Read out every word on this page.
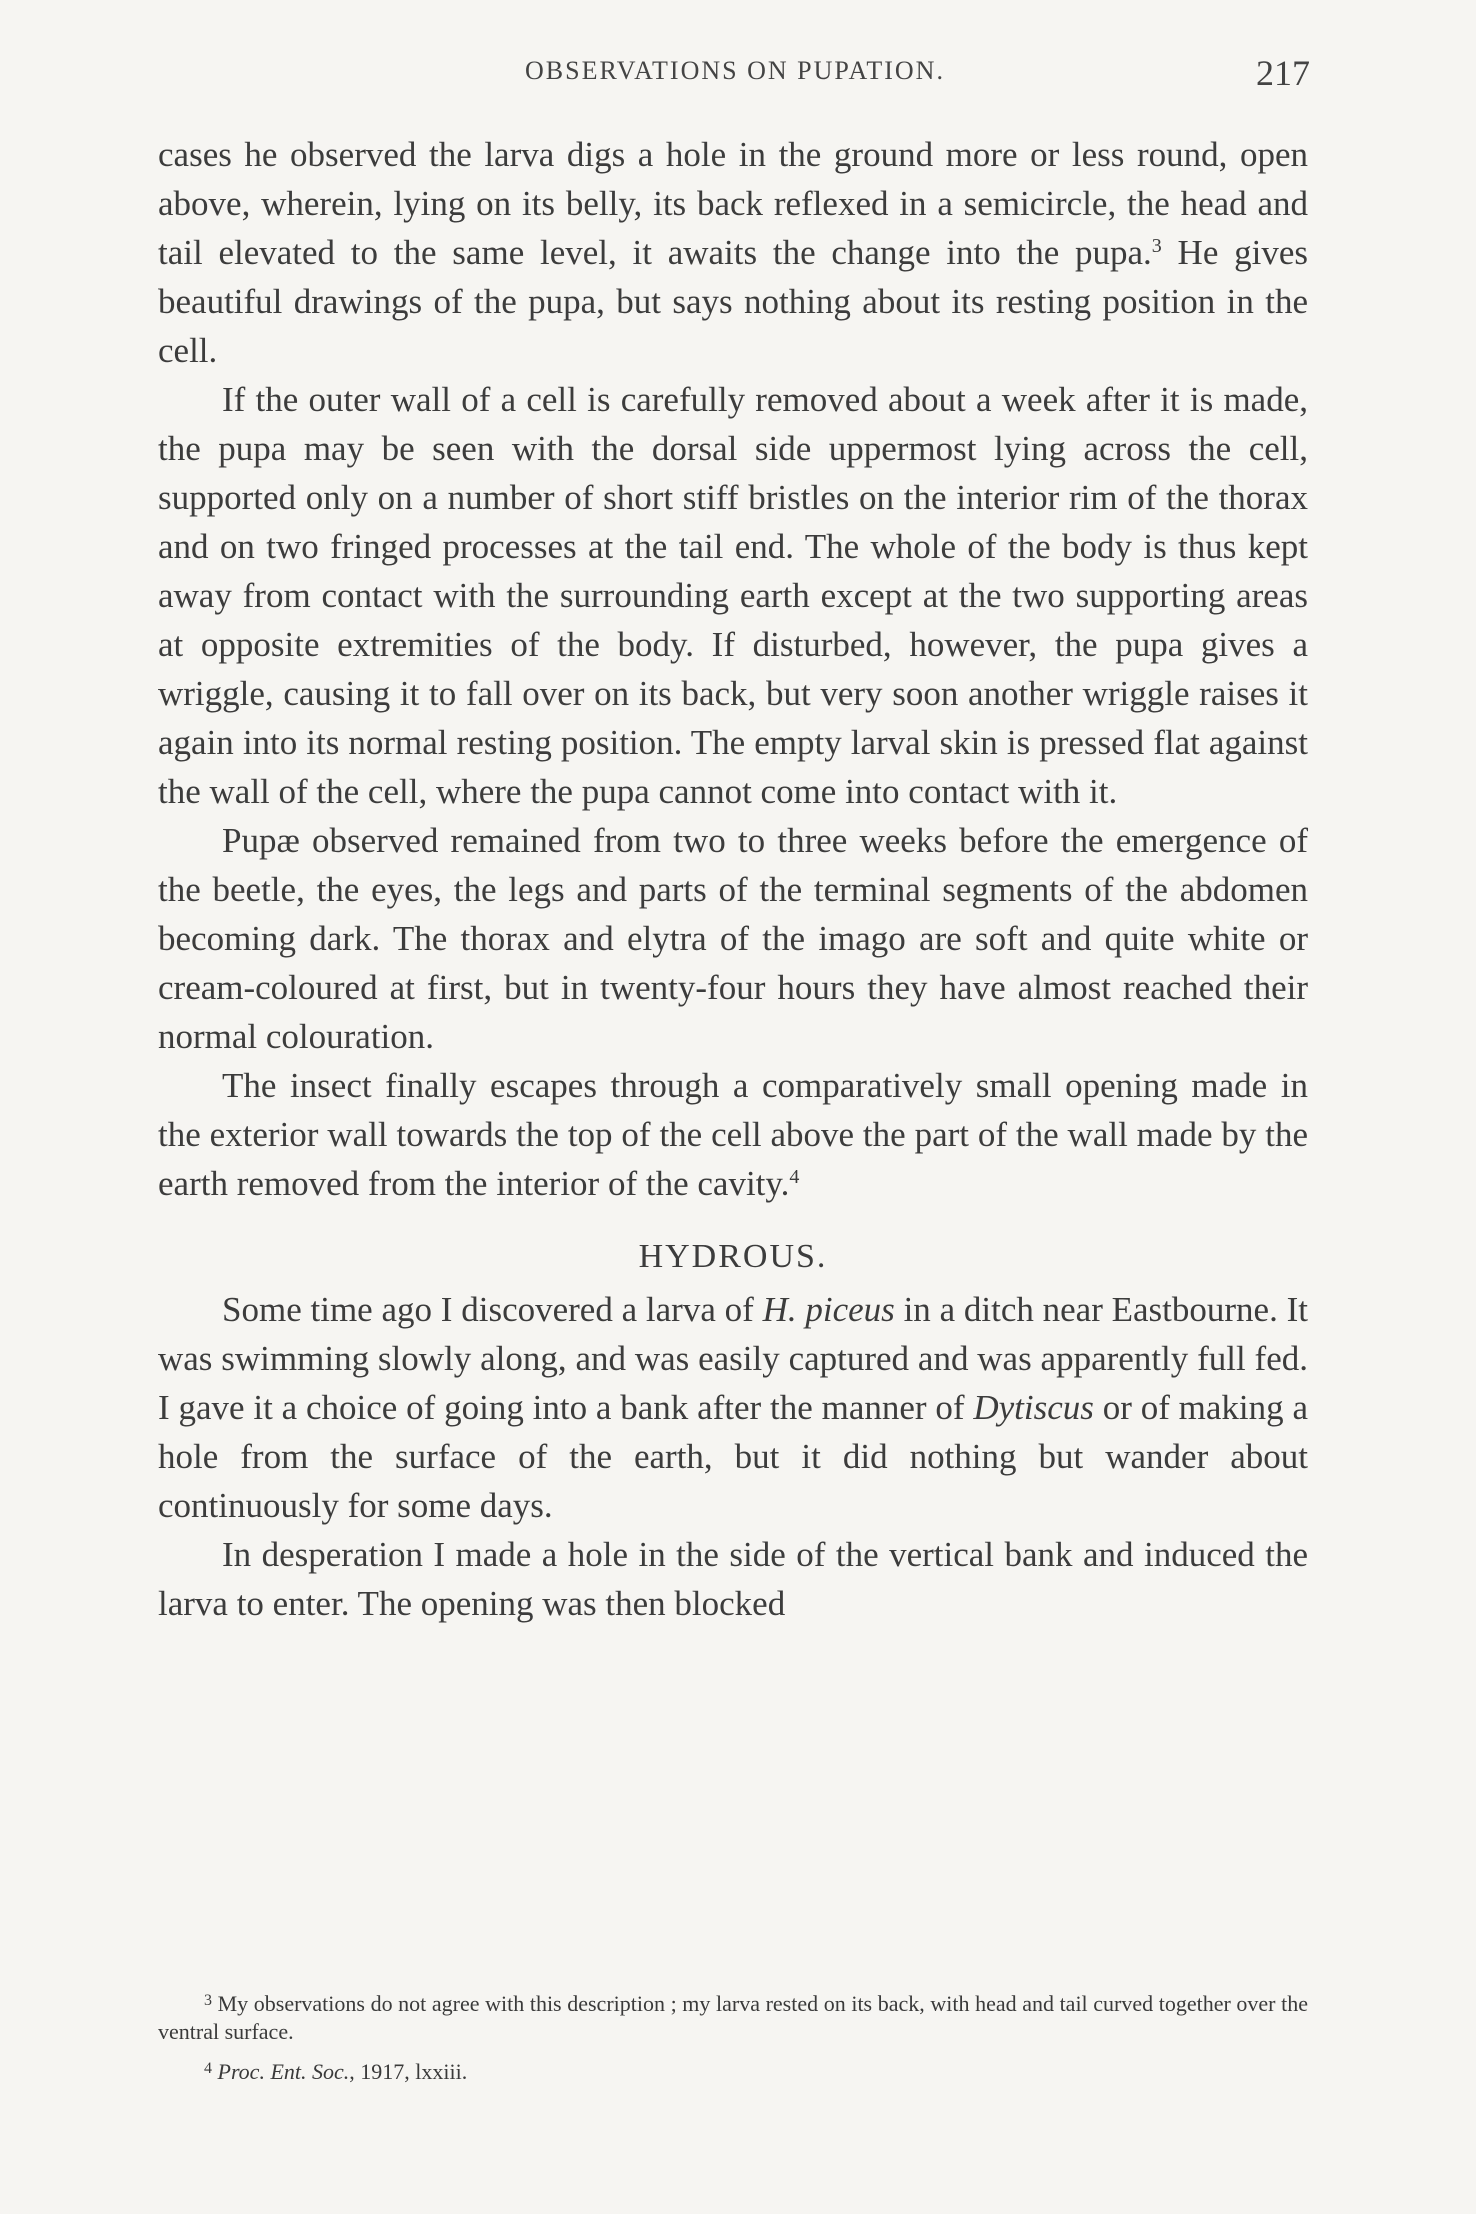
OBSERVATIONS ON PUPATION.	217

cases he observed the larva digs a hole in the ground more or less round, open above, wherein, lying on its belly, its back reflexed in a semicircle, the head and tail elevated to the same level, it awaits the change into the pupa.$^3$ He gives beautiful drawings of the pupa, but says nothing about its resting position in the cell.

If the outer wall of a cell is carefully removed about a week after it is made, the pupa may be seen with the dorsal side uppermost lying across the cell, supported only on a number of short stiff bristles on the interior rim of the thorax and on two fringed processes at the tail end. The whole of the body is thus kept away from contact with the surrounding earth except at the two supporting areas at opposite extremities of the body. If disturbed, however, the pupa gives a wriggle, causing it to fall over on its back, but very soon another wriggle raises it again into its normal resting position. The empty larval skin is pressed flat against the wall of the cell, where the pupa cannot come into contact with it.

Pupæ observed remained from two to three weeks before the emergence of the beetle, the eyes, the legs and parts of the terminal segments of the abdomen becoming dark. The thorax and elytra of the imago are soft and quite white or cream-coloured at first, but in twenty-four hours they have almost reached their normal colouration.

The insect finally escapes through a comparatively small opening made in the exterior wall towards the top of the cell above the part of the wall made by the earth removed from the interior of the cavity.$^4$

HYDROUS.

Some time ago I discovered a larva of H. piceus in a ditch near Eastbourne. It was swimming slowly along, and was easily captured and was apparently full fed. I gave it a choice of going into a bank after the manner of Dytiscus or of making a hole from the surface of the earth, but it did nothing but wander about continuously for some days.

In desperation I made a hole in the side of the vertical bank and induced the larva to enter. The opening was then blocked

$^3$ My observations do not agree with this description ; my larva rested on its back, with head and tail curved together over the ventral surface.

$^4$ Proc. Ent. Soc., 1917, lxxiii.
